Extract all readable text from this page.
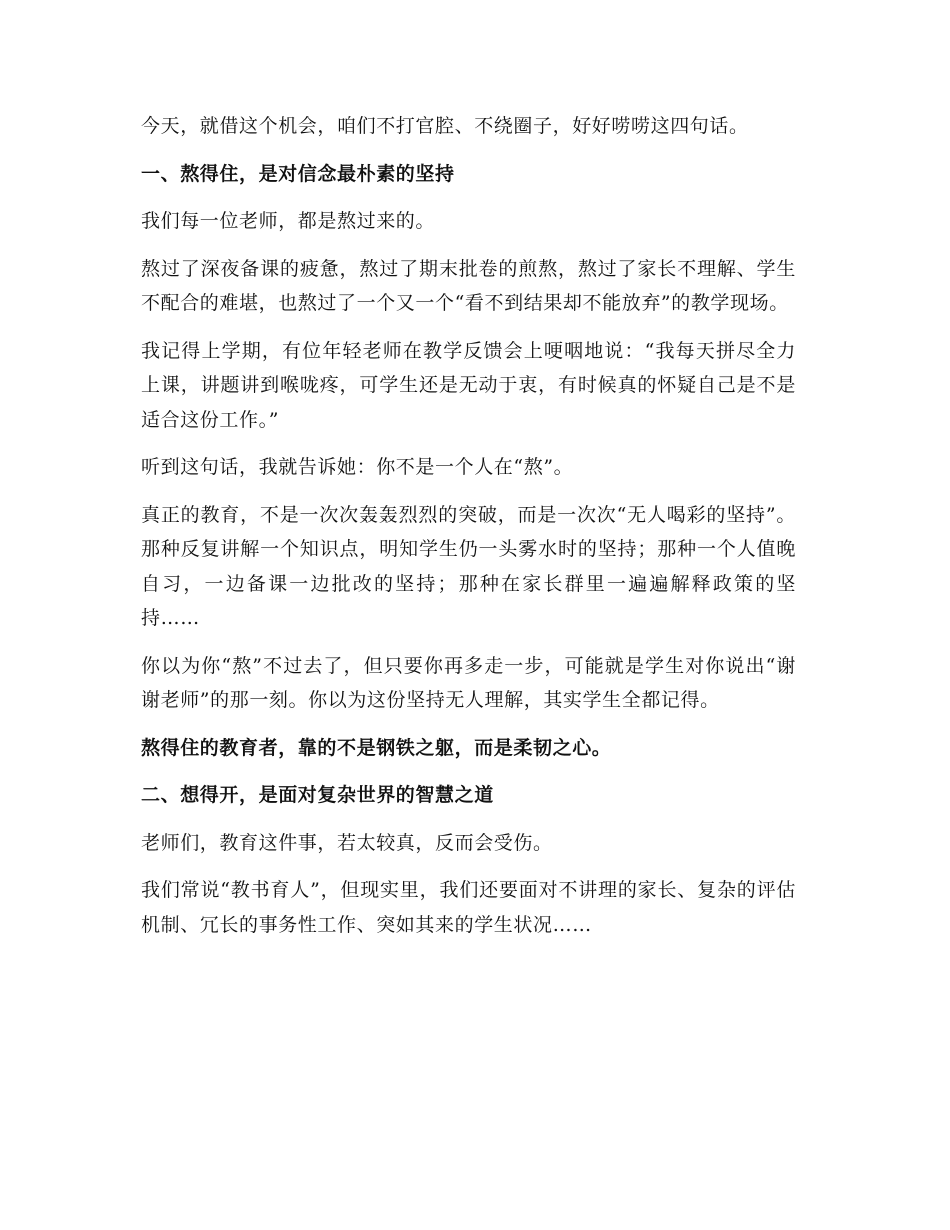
今天，就借这个机会，咱们不打官腔、不绕圈子，好好唠唠这四句话。

一、熬得住，是对信念最朴素的坚持

我们每一位老师，都是熬过来的。

熬过了深夜备课的疲惫，熬过了期末批卷的煎熬，熬过了家长不理解、学生不配合的难堪，也熬过了一个又一个“看不到结果却不能放弃”的教学现场。

我记得上学期，有位年轻老师在教学反馈会上哽咽地说：“我每天拼尽全力上课，讲题讲到喉咙疼，可学生还是无动于衷，有时候真的怀疑自己是不是适合这份工作。”

听到这句话，我就告诉她：你不是一个人在“熬”。

真正的教育，不是一次次轰轰烈烈的突破，而是一次次“无人喝彩的坚持”。那种反复讲解一个知识点，明知学生仍一头雾水时的坚持；那种一个人值晚自习，一边备课一边批改的坚持；那种在家长群里一遍遍解释政策的坚持……

你以为你“熬”不过去了，但只要你再多走一步，可能就是学生对你说出“谢谢老师”的那一刻。你以为这份坚持无人理解，其实学生全都记得。

熬得住的教育者，靠的不是钢铁之躯，而是柔韧之心。

二、想得开，是面对复杂世界的智慧之道

老师们，教育这件事，若太较真，反而会受伤。

我们常说“教书育人”，但现实里，我们还要面对不讲理的家长、复杂的评估机制、冗长的事务性工作、突如其来的学生状况……
